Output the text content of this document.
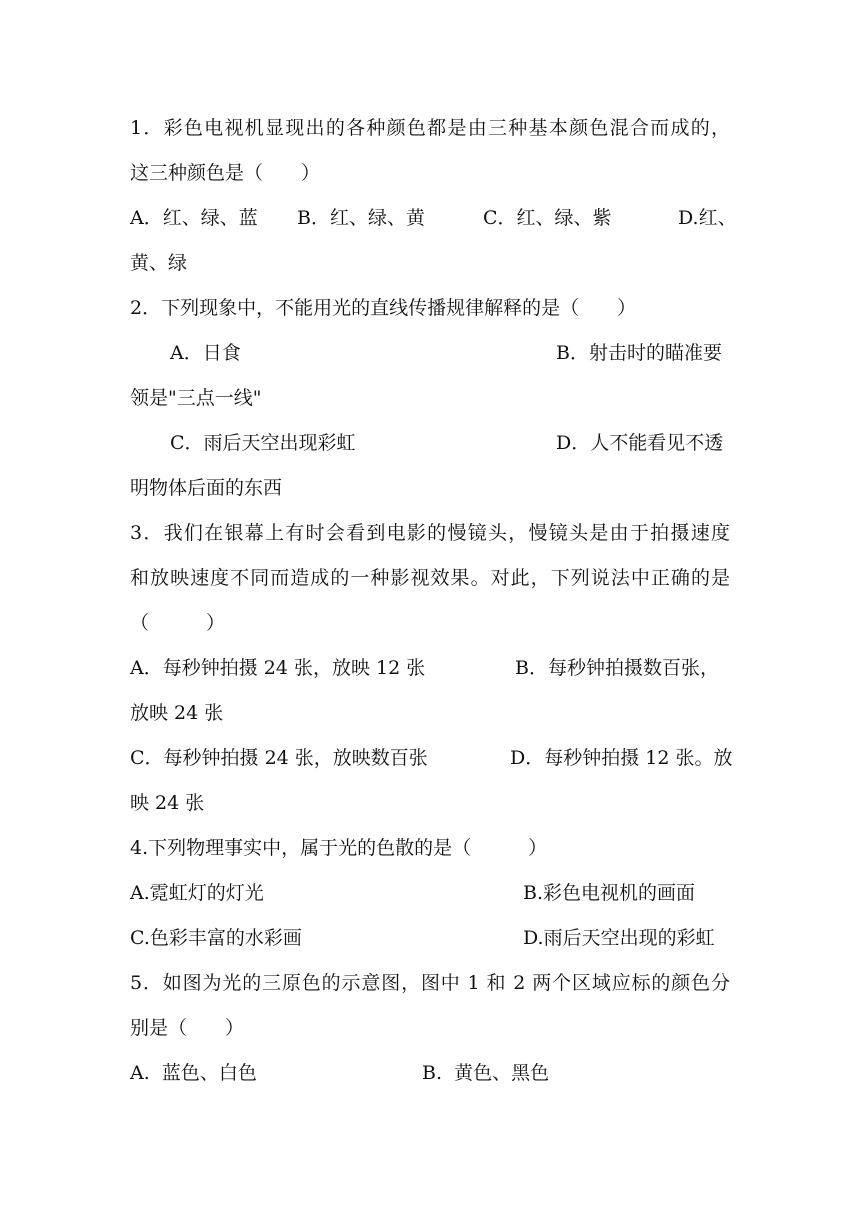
1．彩色电视机显现出的各种颜色都是由三种基本颜色混合而成的，
这三种颜色是（　　）
A．红、绿、蓝 B．红、绿、黄	C．红、绿、紫	D.红、
黄、绿
2．下列现象中，不能用光的直线传播规律解释的是（　　）
A．日食	B．射击时的瞄准要
领是"三点一线"
C．雨后天空出现彩虹	D．人不能看见不透
明物体后面的东西
3．我们在银幕上有时会看到电影的慢镜头，慢镜头是由于拍摄速度
和放映速度不同而造成的一种影视效果。对此，下列说法中正确的是
（　　　）
A．每秒钟拍摄 24 张，放映 12 张	B．每秒钟拍摄数百张，
放映 24 张
C．每秒钟拍摄 24 张，放映数百张	D．每秒钟拍摄 12 张。放
映 24 张
4.下列物理事实中，属于光的色散的是（　　　）
A.霓虹灯的灯光	B.彩色电视机的画面
C.色彩丰富的水彩画	D.雨后天空出现的彩虹
5．如图为光的三原色的示意图，图中 1 和 2 两个区域应标的颜色分
别是（　　）
A.  蓝色、白色	B.  黄色、黑色
